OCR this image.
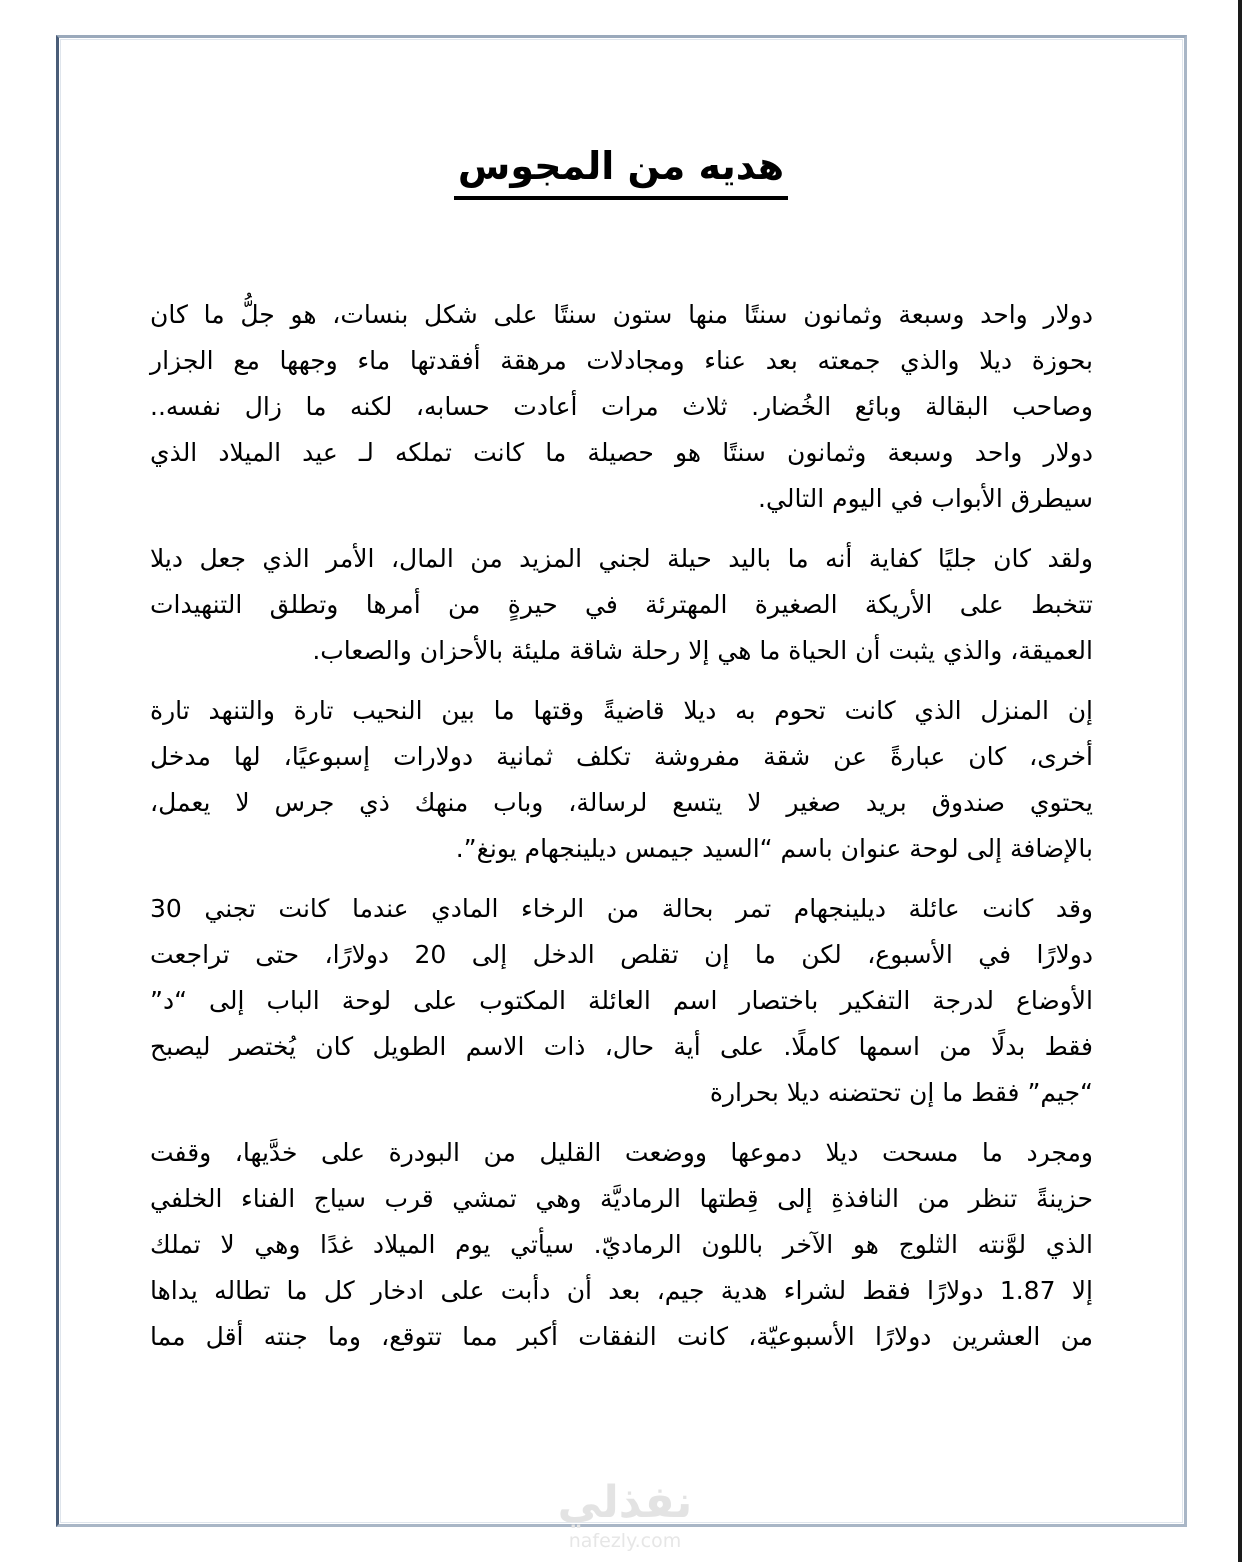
هديه من المجوس
دولار واحد وسبعة وثمانون سنتًا منها ستون سنتًا على شكل بنسات، هو جلُّ ما كان
بحوزة ديلا والذي جمعته بعد عناء ومجادلات مرهقة أفقدتها ماء وجهها مع الجزار
وصاحب البقالة وبائع الخُضار. ثلاث مرات أعادت حسابه، لكنه ما زال نفسه..
دولار واحد وسبعة وثمانون سنتًا هو حصيلة ما كانت تملكه لـ عيد الميلاد الذي
سيطرق الأبواب في اليوم التالي.
ولقد كان جليًا كفاية أنه ما باليد حيلة لجني المزيد من المال، الأمر الذي جعل ديلا
تتخبط على الأريكة الصغيرة المهترئة في حيرةٍ من أمرها وتطلق التنهيدات
العميقة، والذي يثبت أن الحياة ما هي إلا رحلة شاقة مليئة بالأحزان والصعاب.
إن المنزل الذي كانت تحوم به ديلا قاضيةً وقتها ما بين النحيب تارة والتنهد تارة
أخرى، كان عبارةً عن شقة مفروشة تكلف ثمانية دولارات إسبوعيًا، لها مدخل
يحتوي صندوق بريد صغير لا يتسع لرسالة، وباب منهك ذي جرس لا يعمل،
بالإضافة إلى لوحة عنوان باسم “السيد جيمس ديلينجهام يونغ”.
وقد كانت عائلة ديلينجهام تمر بحالة من الرخاء المادي عندما كانت تجني 30
دولارًا في الأسبوع، لكن ما إن تقلص الدخل إلى 20 دولارًا، حتى تراجعت
الأوضاع لدرجة التفكير باختصار اسم العائلة المكتوب على لوحة الباب إلى “د”
فقط بدلًا من اسمها كاملًا. على أية حال، ذات الاسم الطويل كان يُختصر ليصبح
“جيم” فقط ما إن تحتضنه ديلا بحرارة
ومجرد ما مسحت ديلا دموعها ووضعت القليل من البودرة على خدَّيها، وقفت
حزينةً تنظر من النافذةِ إلى قِطتها الرماديَّة وهي تمشي قرب سياج الفناء الخلفي
الذي لوَّنته الثلوج هو الآخر باللون الرماديّ. سيأتي يوم الميلاد غدًا وهي لا تملك
إلا 1.87 دولارًا فقط لشراء هدية جيم، بعد أن دأبت على ادخار كل ما تطاله يداها
من العشرين دولارًا الأسبوعيّة، كانت النفقات أكبر مما تتوقع، وما جنته أقل مما
نفذلي
nafezly.com
